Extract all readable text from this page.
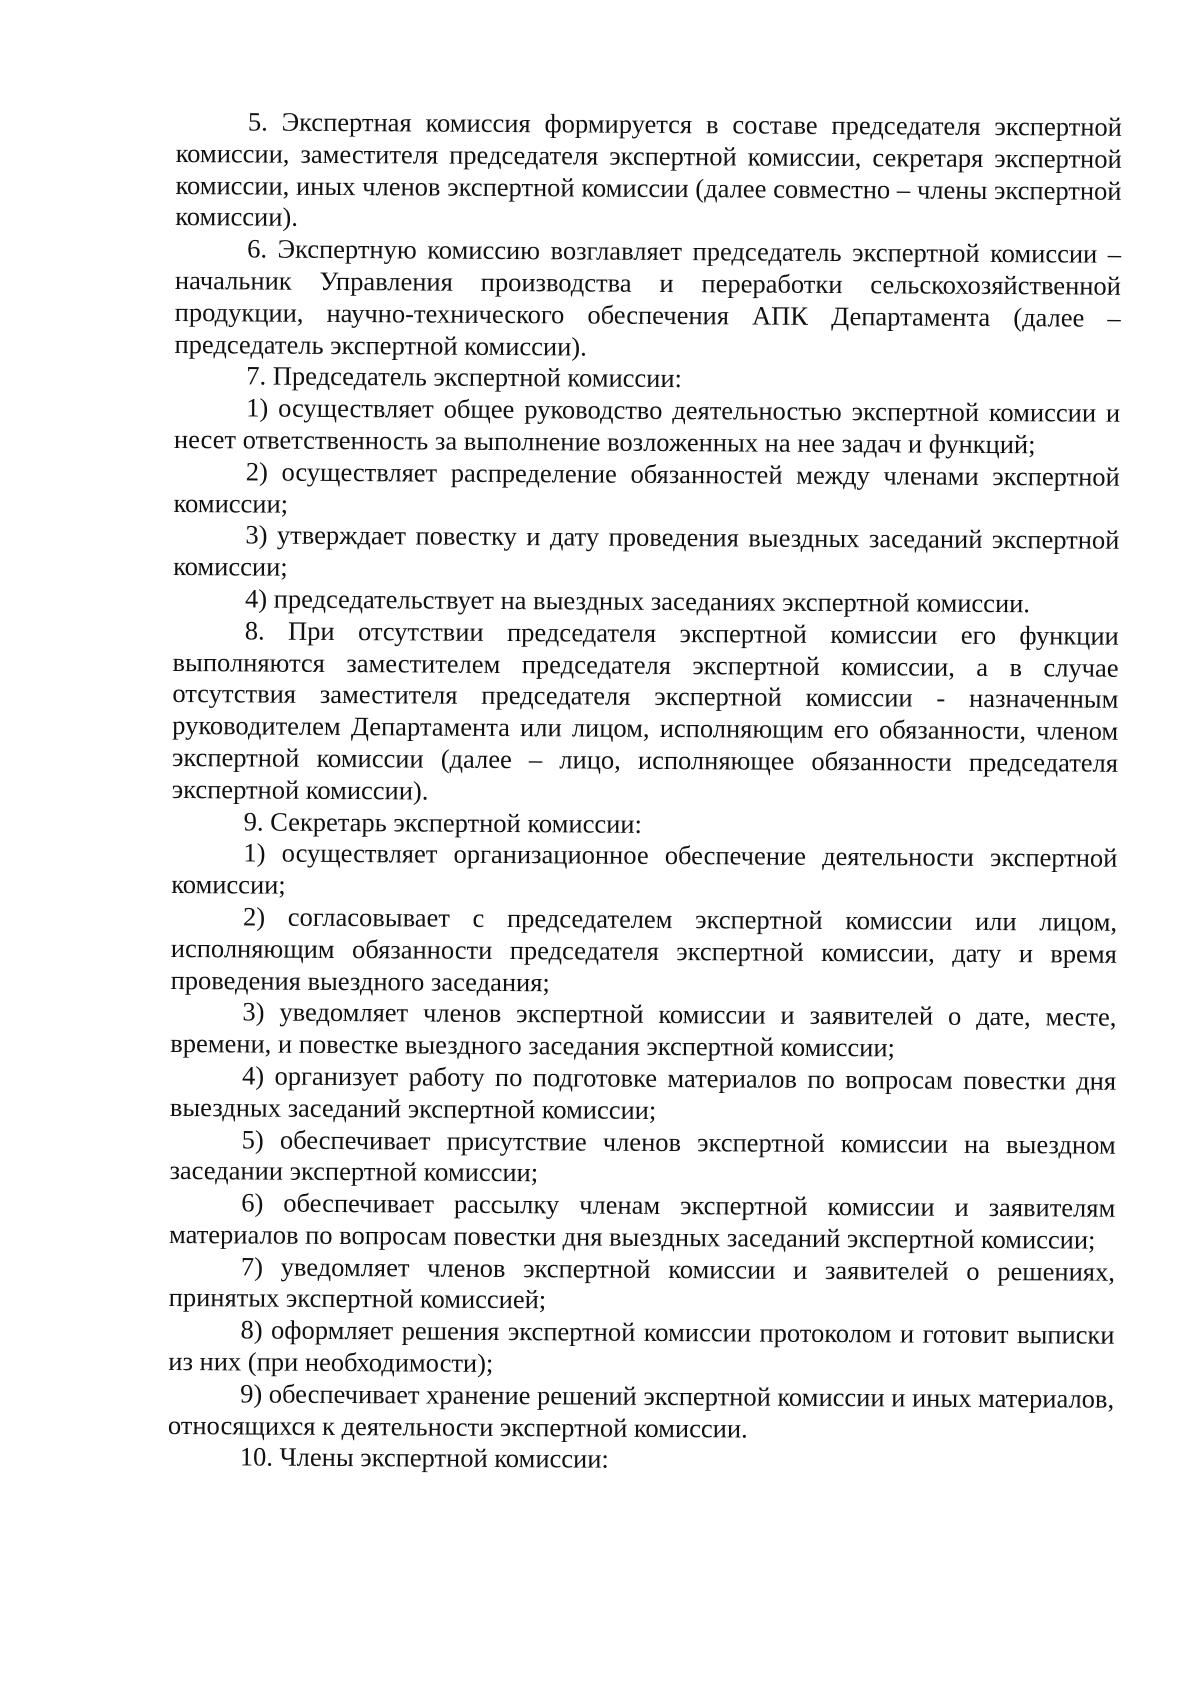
5. Экспертная комиссия формируется в составе председателя экспертной комиссии, заместителя председателя экспертной комиссии, секретаря экспертной комиссии, иных членов экспертной комиссии (далее совместно – члены экспертной комиссии).

6. Экспертную комиссию возглавляет председатель экспертной комиссии – начальник Управления производства и переработки сельскохозяйственной продукции, научно-технического обеспечения АПК Департамента (далее – председатель экспертной комиссии).

7. Председатель экспертной комиссии:

1) осуществляет общее руководство деятельностью экспертной комиссии и несет ответственность за выполнение возложенных на нее задач и функций;

2) осуществляет распределение обязанностей между членами экспертной комиссии;

3) утверждает повестку и дату проведения выездных заседаний экспертной комиссии;

4) председательствует на выездных заседаниях экспертной комиссии.

8. При отсутствии председателя экспертной комиссии его функции выполняются заместителем председателя экспертной комиссии, а в случае отсутствия заместителя председателя экспертной комиссии - назначенным руководителем Департамента или лицом, исполняющим его обязанности, членом экспертной комиссии (далее – лицо, исполняющее обязанности председателя экспертной комиссии).

9. Секретарь экспертной комиссии:

1) осуществляет организационное обеспечение деятельности экспертной комиссии;

2) согласовывает с председателем экспертной комиссии или лицом, исполняющим обязанности председателя экспертной комиссии, дату и время проведения выездного заседания;

3) уведомляет членов экспертной комиссии и заявителей о дате, месте, времени, и повестке выездного заседания экспертной комиссии;

4) организует работу по подготовке материалов по вопросам повестки дня выездных заседаний экспертной комиссии;

5) обеспечивает присутствие членов экспертной комиссии на выездном заседании экспертной комиссии;

6) обеспечивает рассылку членам экспертной комиссии и заявителям материалов по вопросам повестки дня выездных заседаний экспертной комиссии;

7) уведомляет членов экспертной комиссии и заявителей о решениях, принятых экспертной комиссией;

8) оформляет решения экспертной комиссии протоколом и готовит выписки из них (при необходимости);

9) обеспечивает хранение решений экспертной комиссии и иных материалов, относящихся к деятельности экспертной комиссии.

10. Члены экспертной комиссии:
